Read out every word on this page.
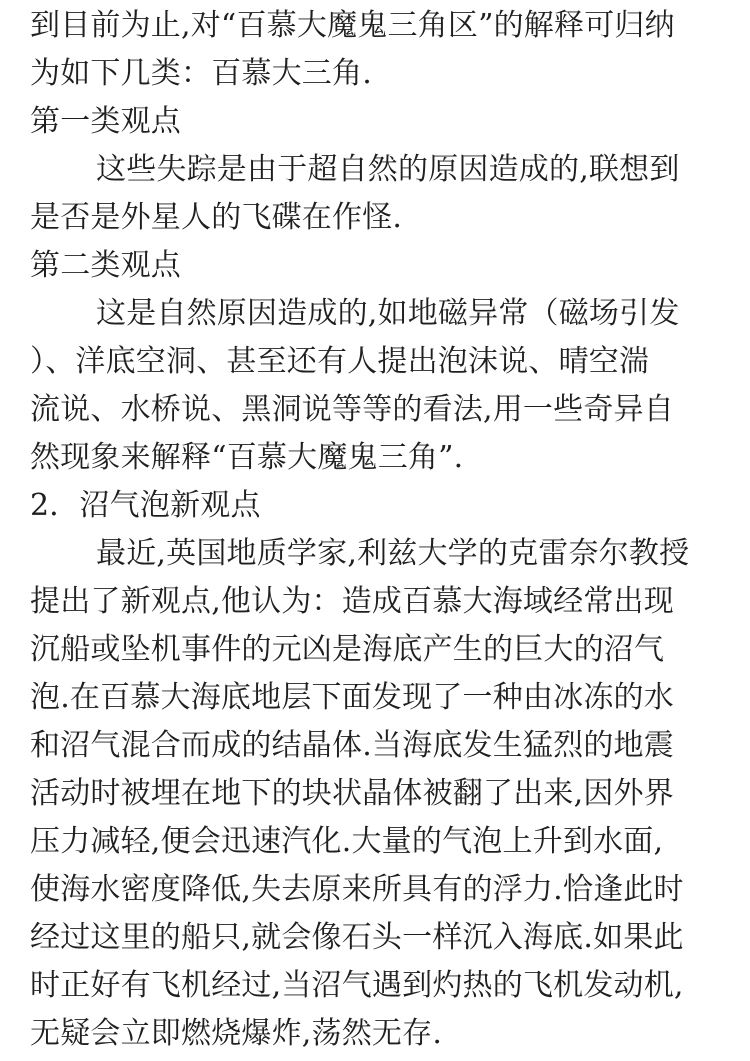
到目前为止,对“百慕大魔鬼三角区”的解释可归纳
为如下几类：百慕大三角.
第一类观点
这些失踪是由于超自然的原因造成的,联想到
是否是外星人的飞碟在作怪.
第二类观点
这是自然原因造成的,如地磁异常（磁场引发
）、洋底空洞、甚至还有人提出泡沫说、晴空湍
流说、水桥说、黑洞说等等的看法,用一些奇异自
然现象来解释“百慕大魔鬼三角”.
2．沼气泡新观点
最近,英国地质学家,利兹大学的克雷奈尔教授
提出了新观点,他认为：造成百慕大海域经常出现
沉船或坠机事件的元凶是海底产生的巨大的沼气
泡.在百慕大海底地层下面发现了一种由冰冻的水
和沼气混合而成的结晶体.当海底发生猛烈的地震
活动时被埋在地下的块状晶体被翻了出来,因外界
压力减轻,便会迅速汽化.大量的气泡上升到水面,
使海水密度降低,失去原来所具有的浮力.恰逢此时
经过这里的船只,就会像石头一样沉入海底.如果此
时正好有飞机经过,当沼气遇到灼热的飞机发动机,
无疑会立即燃烧爆炸,荡然无存.
